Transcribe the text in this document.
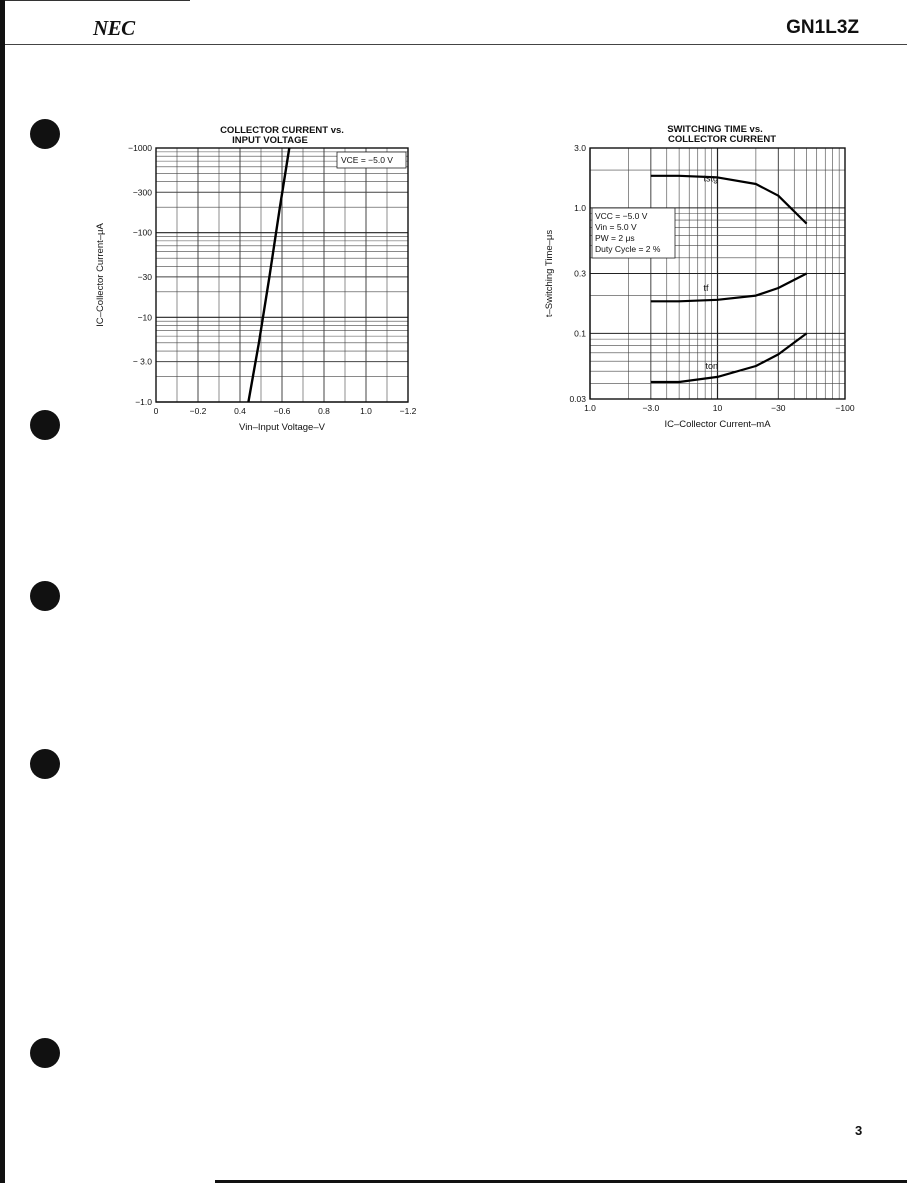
NEC	GN1L3Z
COLLECTOR CURRENT vs.
INPUT VOLTAGE
−1000
−300
−100
−30
−10
− 3.0
−1.0
0	−0.2	0.4	−0.6	0.8	1.0	−1.2
Vin–Input Voltage–V
IC–Collector Current–μA
VCE = −5.0 V
SWITCHING TIME vs.
COLLECTOR CURRENT
3.0
1.0
0.3
0.1
0.03
1.0	−3.0	10	−30	−100
IC–Collector Current–mA
t–Switching Time–μs
VCC = −5.0 V
Vin = 5.0 V
PW = 2 μs
Duty Cycle = 2 %
tstg
tf
ton
3
